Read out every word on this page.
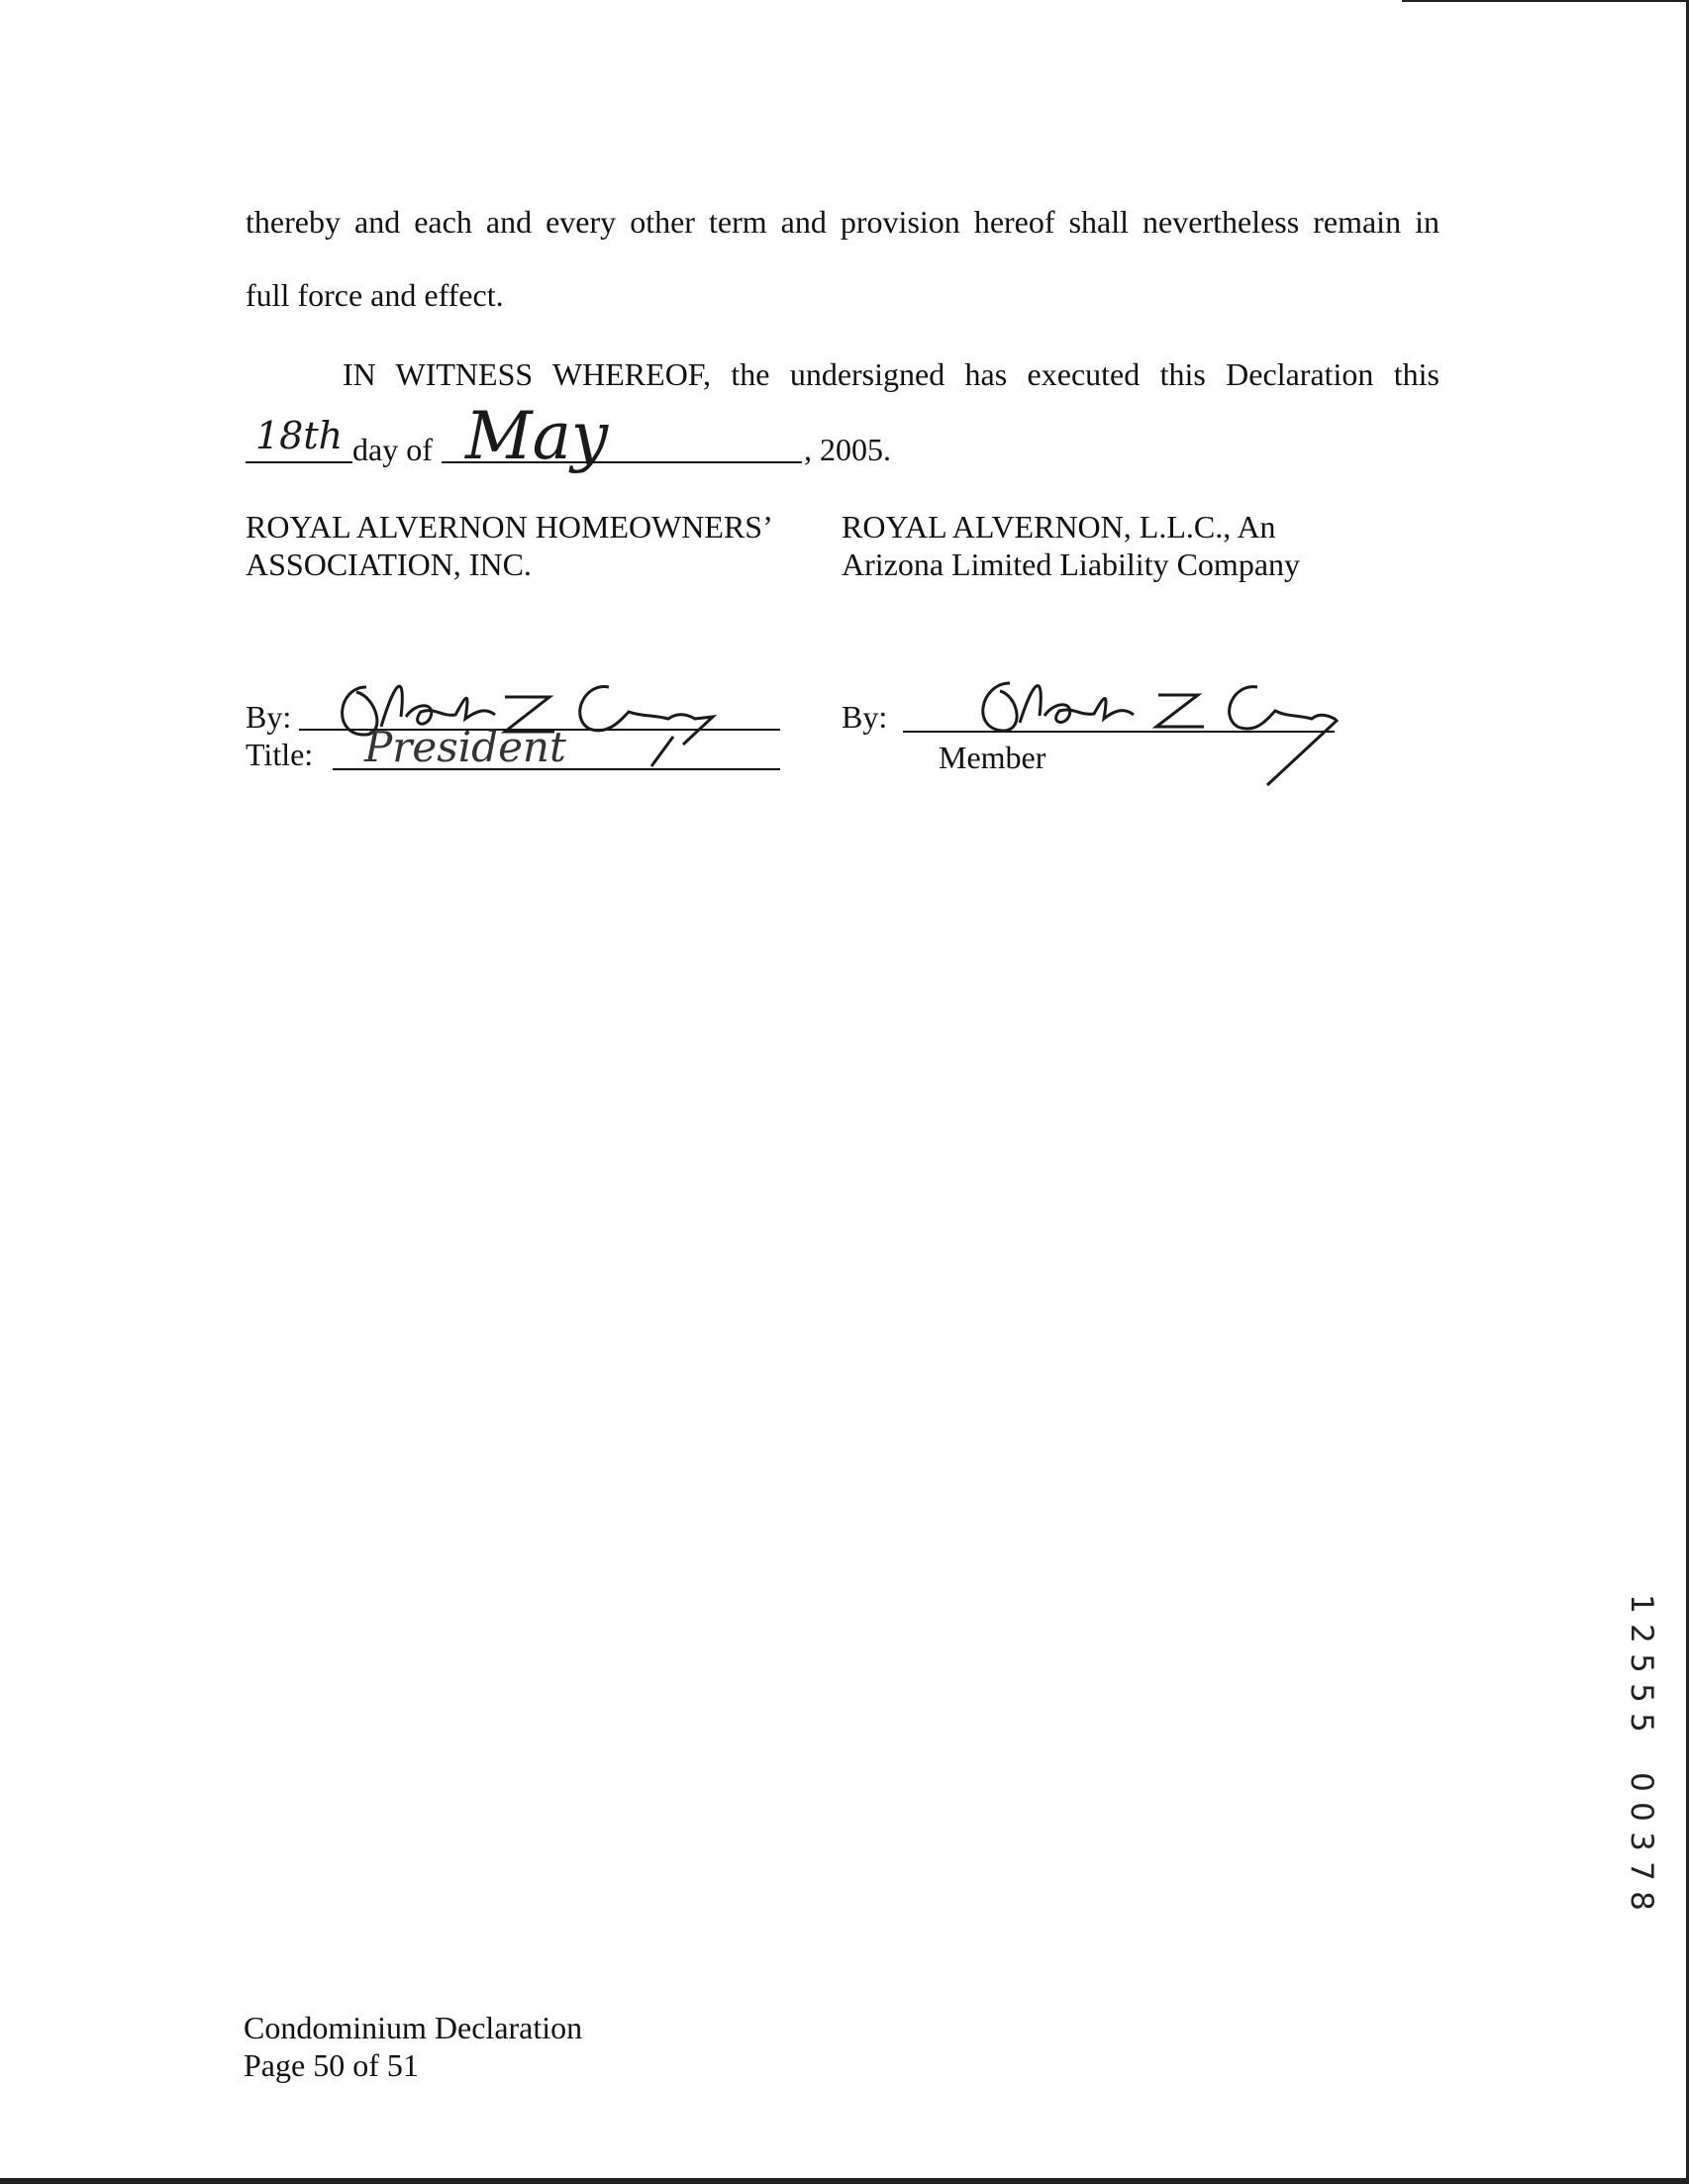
thereby and each and every other term and provision hereof shall nevertheless remain in
full force and effect.
IN WITNESS WHEREOF, the undersigned has executed this Declaration this
18th day of May	, 2005.
ROYAL ALVERNON HOMEOWNERS’
ASSOCIATION, INC.
ROYAL ALVERNON, L.L.C., An
Arizona Limited Liability Company
By:
Title: President
By:
Member
1
2
5
5
5
0
0
3
7
8
Condominium Declaration
Page 50 of 51
